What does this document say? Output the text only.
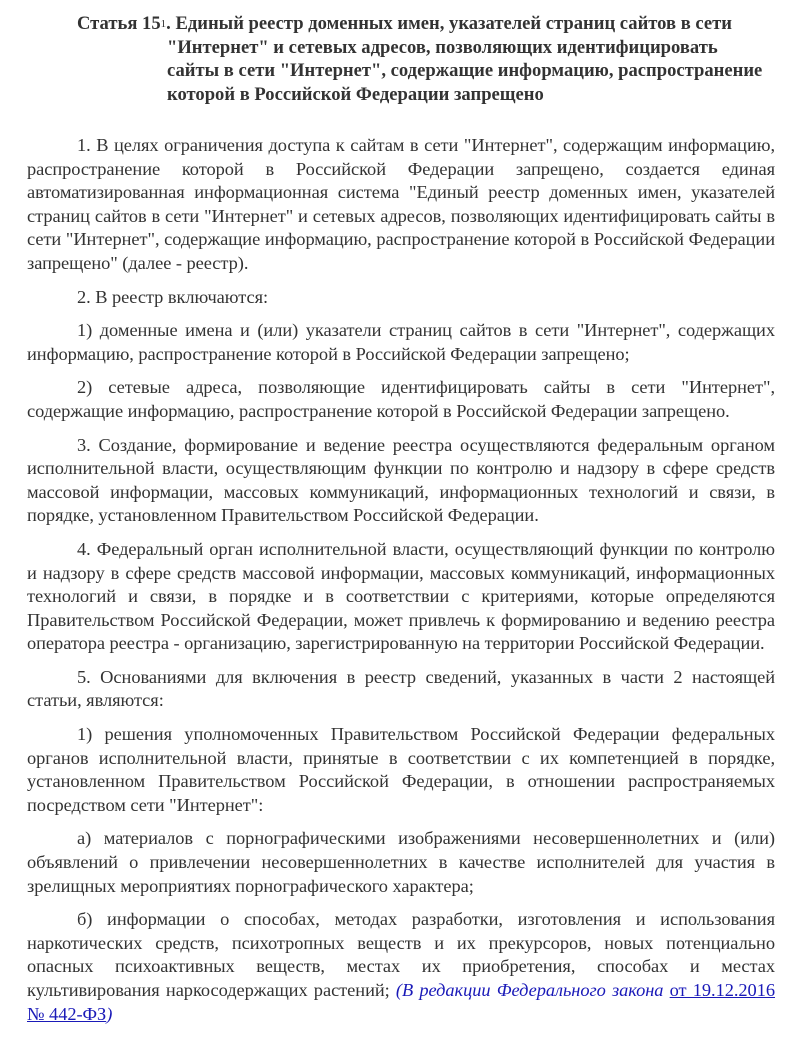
Статья $15^1$. Единый реестр доменных имен, указателей страниц сайтов в сети "Интернет" и сетевых адресов, позволяющих идентифицировать сайты в сети "Интернет", содержащие информацию, распространение которой в Российской Федерации запрещено

1. В целях ограничения доступа к сайтам в сети "Интернет", содержащим информацию, распространение которой в Российской Федерации запрещено, создается единая автоматизированная информационная система "Единый реестр доменных имен, указателей страниц сайтов в сети "Интернет" и сетевых адресов, позволяющих идентифицировать сайты в сети "Интернет", содержащие информацию, распространение которой в Российской Федерации запрещено" (далее - реестр).

2. В реестр включаются:

1) доменные имена и (или) указатели страниц сайтов в сети "Интернет", содержащих информацию, распространение которой в Российской Федерации запрещено;

2) сетевые адреса, позволяющие идентифицировать сайты в сети "Интернет", содержащие информацию, распространение которой в Российской Федерации запрещено.

3. Создание, формирование и ведение реестра осуществляются федеральным органом исполнительной власти, осуществляющим функции по контролю и надзору в сфере средств массовой информации, массовых коммуникаций, информационных технологий и связи, в порядке, установленном Правительством Российской Федерации.

4. Федеральный орган исполнительной власти, осуществляющий функции по контролю и надзору в сфере средств массовой информации, массовых коммуникаций, информационных технологий и связи, в порядке и в соответствии с критериями, которые определяются Правительством Российской Федерации, может привлечь к формированию и ведению реестра оператора реестра - организацию, зарегистрированную на территории Российской Федерации.

5. Основаниями для включения в реестр сведений, указанных в части 2 настоящей статьи, являются:

1) решения уполномоченных Правительством Российской Федерации федеральных органов исполнительной власти, принятые в соответствии с их компетенцией в порядке, установленном Правительством Российской Федерации, в отношении распространяемых посредством сети "Интернет":

а) материалов с порнографическими изображениями несовершеннолетних и (или) объявлений о привлечении несовершеннолетних в качестве исполнителей для участия в зрелищных мероприятиях порнографического характера;

б) информации о способах, методах разработки, изготовления и использования наркотических средств, психотропных веществ и их прекурсоров, новых потенциально опасных психоактивных веществ, местах их приобретения, способах и местах культивирования наркосодержащих растений; (В редакции Федерального закона от 19.12.2016 № 442-ФЗ)
